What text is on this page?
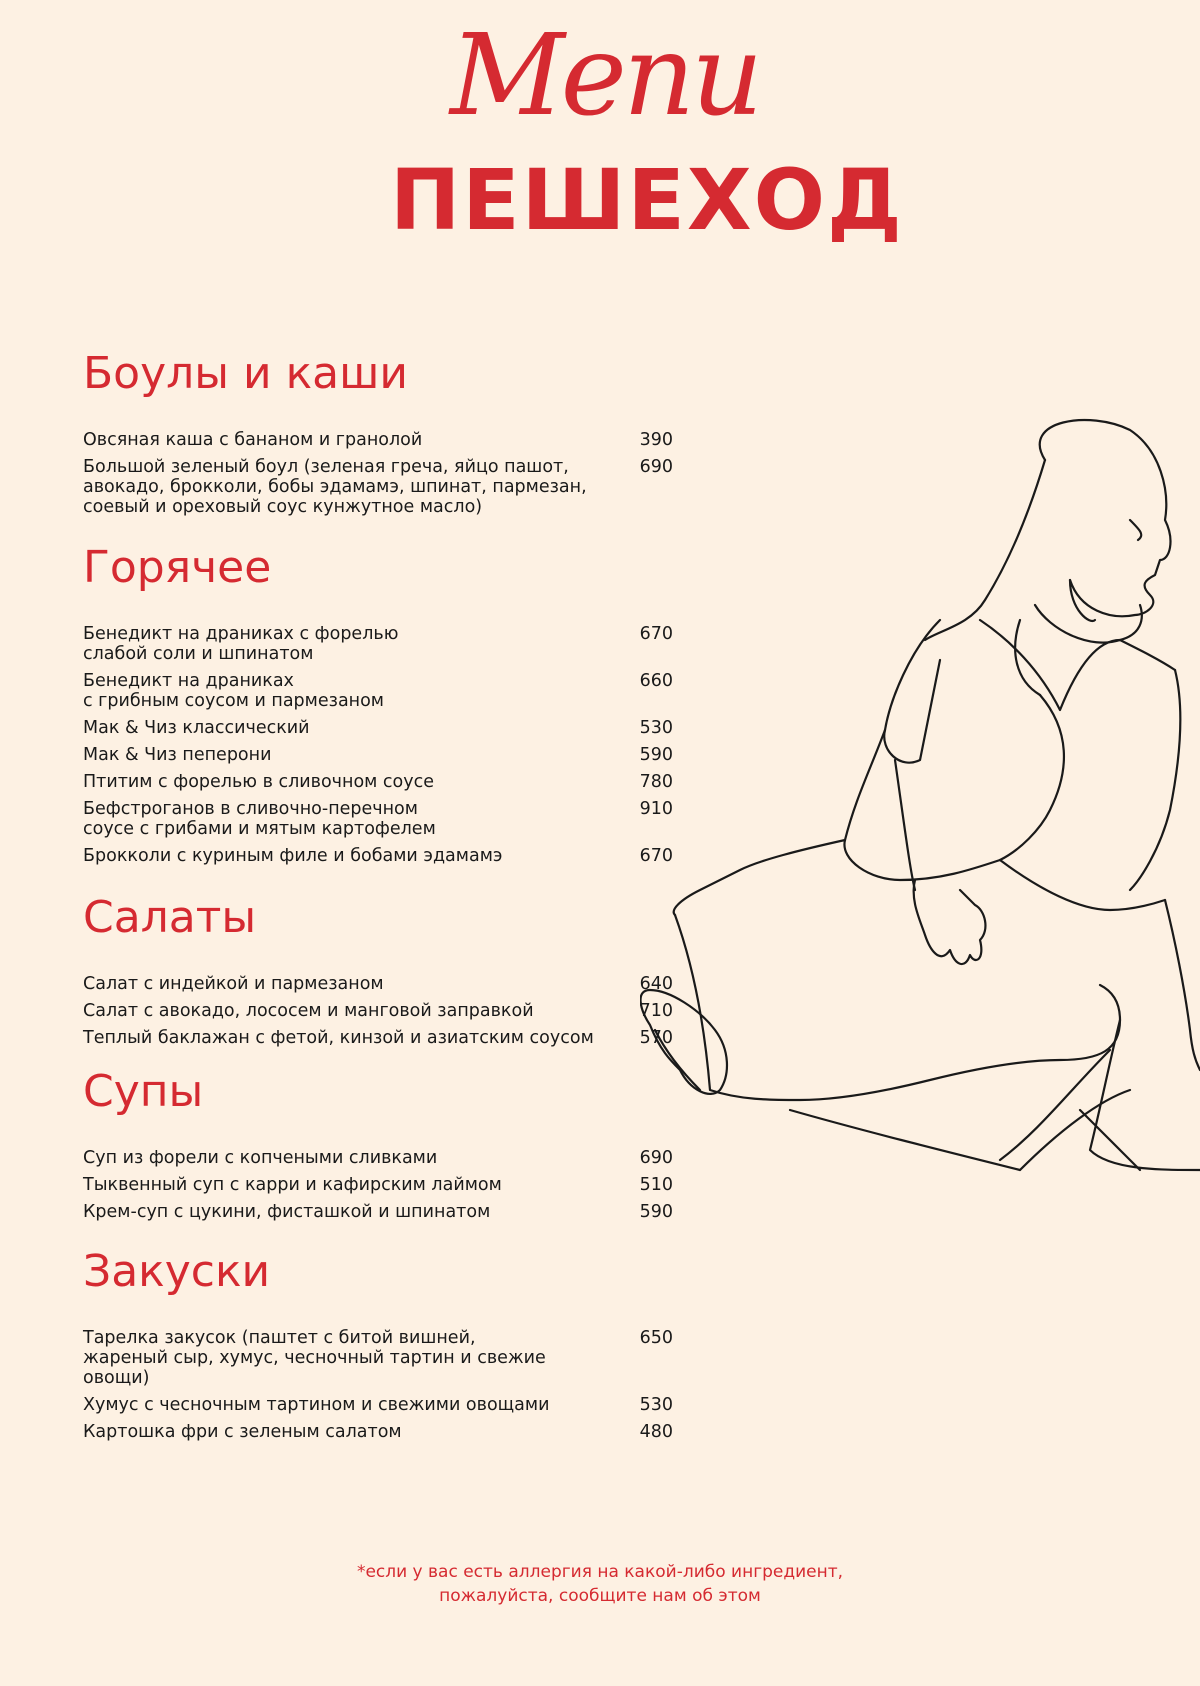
Menu
ПЕШЕХОД
Боулы и каши
Овсяная каша с бананом и гранолой	390
Большой зеленый боул (зеленая греча, яйцо пашот,
авокадо, брокколи, бобы эдамамэ, шпинат, пармезан,
соевый и ореховый соус кунжутное масло)
690
Горячее
Бенедикт на драниках с форелью
слабой соли и шпинатом
670
Бенедикт на драниках
с грибным соусом и пармезаном
660
Мак & Чиз классический	530
Мак & Чиз пеперони	590
Птитим с форелью в сливочном соусе	780
Бефстроганов в сливочно-перечном
соусе с грибами и мятым картофелем
910
Брокколи с куриным филе и бобами эдамамэ	670
Салаты
Салат с индейкой и пармезаном	640
Салат с авокадо, лососем и манговой заправкой	710
Теплый баклажан с фетой, кинзой и азиатским соусом	570
Супы
Суп из форели с копчеными сливками	690
Тыквенный суп с карри и кафирским лаймом	510
Крем-суп с цукини, фисташкой и шпинатом	590
Закуски
Тарелка закусок (паштет с битой вишней,
жареный сыр, хумус, чесночный тартин и свежие овощи)
650
Хумус с чесночным тартином и свежими овощами	530
Картошка фри с зеленым салатом	480
*если у вас есть аллергия на какой-либо ингредиент,
пожалуйста, сообщите нам об этом
